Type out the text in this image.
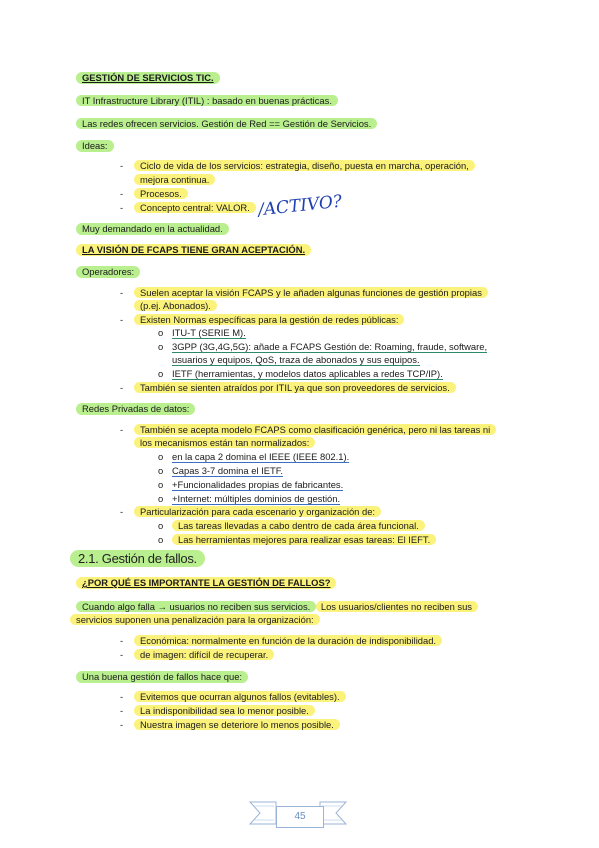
GESTIÓN DE SERVICIOS TIC.
IT Infrastructure Library (ITIL) : basado en buenas prácticas.
Las redes ofrecen servicios. Gestión de Red == Gestión de Servicios.
Ideas:
-	Ciclo de vida de los servicios: estrategia, diseño, puesta en marcha, operación,
mejora continua.
-	Procesos.
-	Concepto central: VALOR. /ACTIVO?
Muy demandado en la actualidad.
LA VISIÓN DE FCAPS TIENE GRAN ACEPTACIÓN.
Operadores:
-	Suelen aceptar la visión FCAPS y le añaden algunas funciones de gestión propias
(p.ej. Abonados).
-	Existen Normas específicas para la gestión de redes públicas:
o ITU-T (SERIE M).
o 3GPP (3G,4G,5G): añade a FCAPS Gestión de: Roaming, fraude, software,
usuarios y equipos, QoS, traza de abonados y sus equipos.
o IETF (herramientas, y modelos datos aplicables a redes TCP/IP).
-	También se sienten atraídos por ITIL ya que son proveedores de servicios.
Redes Privadas de datos:
-	También se acepta modelo FCAPS como clasificación genérica, pero ni las tareas ni
los mecanismos están tan normalizados:
o en la capa 2 domina el IEEE (IEEE 802.1).
o Capas 3-7 domina el IETF.
o +Funcionalidades propias de fabricantes.
o +Internet: múltiples dominios de gestión.
-	Particularización para cada escenario y organización de:
o	Las tareas llevadas a cabo dentro de cada área funcional.
o	Las herramientas mejores para realizar esas tareas: El IEFT.
2.1. Gestión de fallos.
¿POR QUÉ ES IMPORTANTE LA GESTIÓN DE FALLOS?
Cuando algo falla → usuarios no reciben sus servicios. Los usuarios/clientes no reciben sus
servicios suponen una penalización para la organización:
-	Económica: normalmente en función de la duración de indisponibilidad.
-	de imagen: difícil de recuperar.
Una buena gestión de fallos hace que:
-	Evitemos que ocurran algunos fallos (evitables).
-	La indisponibilidad sea lo menor posible.
-	Nuestra imagen se deteriore lo menos posible.
45
